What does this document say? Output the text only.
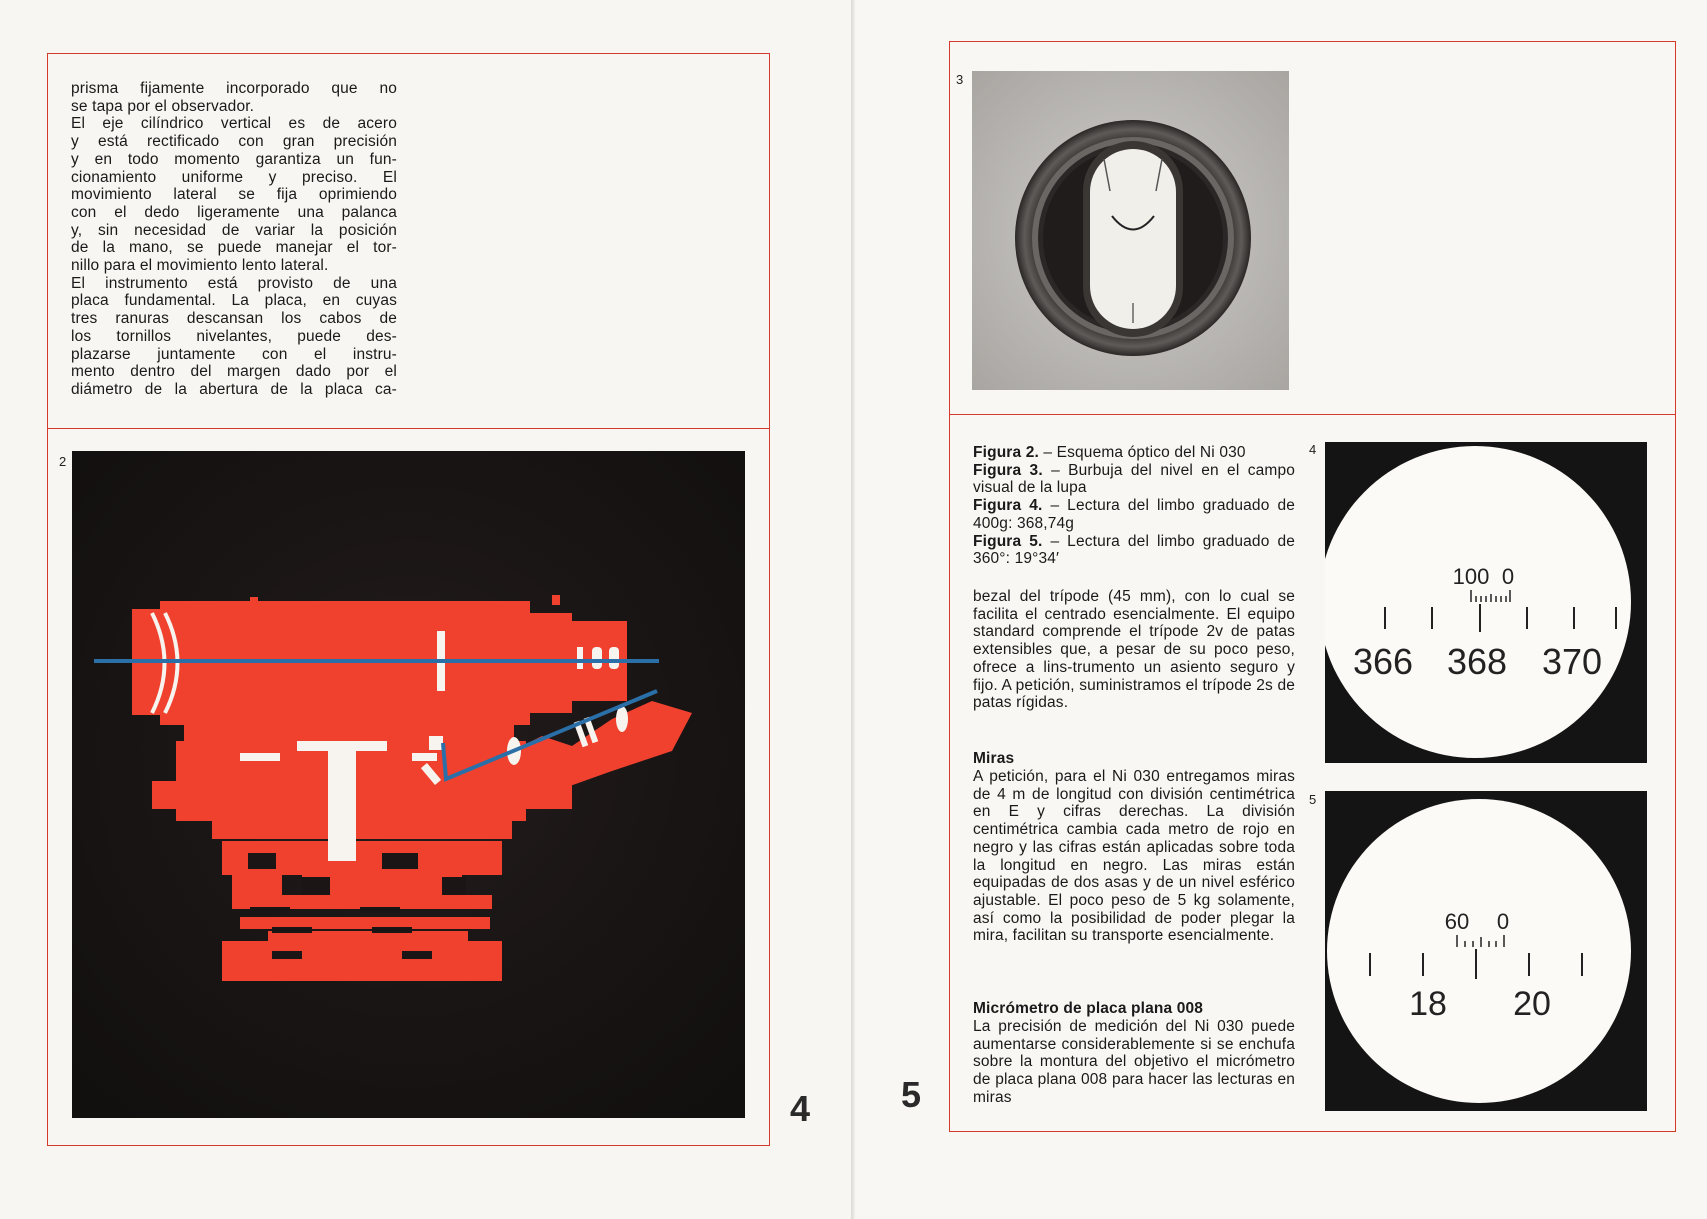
prisma fijamente incorporado que no
se tapa por el observador.
El eje cilíndrico vertical es de acero
y está rectificado con gran precisión
y en todo momento garantiza un fun-
cionamiento uniforme y preciso. El
movimiento lateral se fija oprimiendo
con el dedo ligeramente una palanca
y, sin necesidad de variar la posición
de la mano, se puede manejar el tor-
nillo para el movimiento lento lateral.
El instrumento está provisto de una
placa fundamental. La placa, en cuyas
tres ranuras descansan los cabos de
los tornillos nivelantes, puede des-
plazarse juntamente con el instru-
mento dentro del margen dado por el
diámetro de la abertura de la placa ca-
2
4
3

Figura 2. – Esquema óptico del Ni 030

Figura 3. – Burbuja del nivel en el campo visual de la lupa

Figura 4. – Lectura del limbo graduado de 400g: 368,74g

Figura 5. – Lectura del limbo graduado de 360°: 19°34′

bezal del trípode (45 mm), con lo cual se facilita el centrado esencialmente. El equipo standard comprende el trípode 2v de patas extensibles que, a pesar de su poco peso, ofrece a lins-trumento un asiento seguro y fijo. A petición, suministramos el trípode 2s de patas rígidas.

Miras

A petición, para el Ni 030 entregamos miras de 4 m de longitud con división centimétrica en E y cifras derechas. La división centimétrica cambia cada metro de rojo en negro y las cifras están aplicadas sobre toda la longitud en negro. Las miras están equipadas de dos asas y de un nivel esférico ajustable. El poco peso de 5 kg solamente, así como la posibilidad de poder plegar la mira, facilitan su transporte esencialmente.

Micrómetro de placa plana 008

La precisión de medición del Ni 030 puede aumentarse considerablemente si se enchufa sobre la montura del objetivo el micrómetro de placa plana 008 para hacer las lecturas en miras

4
100 0
366 368 370
5
60 0
18 20
5
